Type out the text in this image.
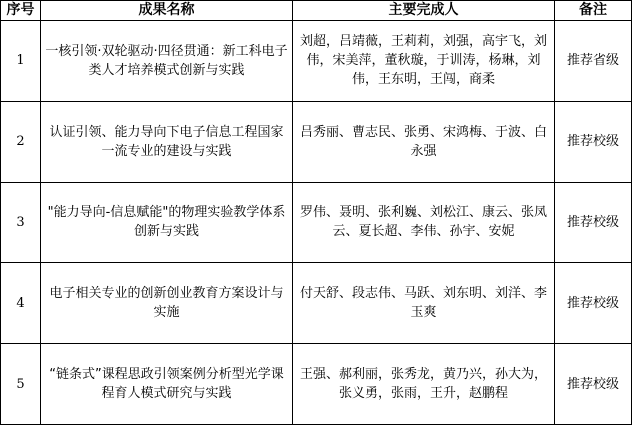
序号	成果名称	主要完成人	备注
1	一核引领·双轮驱动·四径贯通：新工科电子类人才培养模式创新与实践	刘超，吕靖薇，王莉莉，刘强，高宇飞，刘伟，宋美萍，董秋璇，于训涛，杨琳，刘伟，王东明，王闯，商柔	推荐省级
2	认证引领、能力导向下电子信息工程国家一流专业的建设与实践	吕秀丽、曹志民、张勇、宋鸿梅、于波、白永强	推荐校级
3	"能力导向-信息赋能"的物理实验教学体系创新与实践	罗伟、聂明、张利巍、刘松江、康云、张凤云、夏长超、李伟、孙宇、安妮	推荐校级
4	电子相关专业的创新创业教育方案设计与实施	付天舒、段志伟、马跃、刘东明、刘洋、李玉爽	推荐校级
5	“链条式”课程思政引领案例分析型光学课程育人模式研究与实践	王强、郝利丽，张秀龙，黄乃兴，孙大为，张义勇，张雨，王升，赵鹏程	推荐校级
